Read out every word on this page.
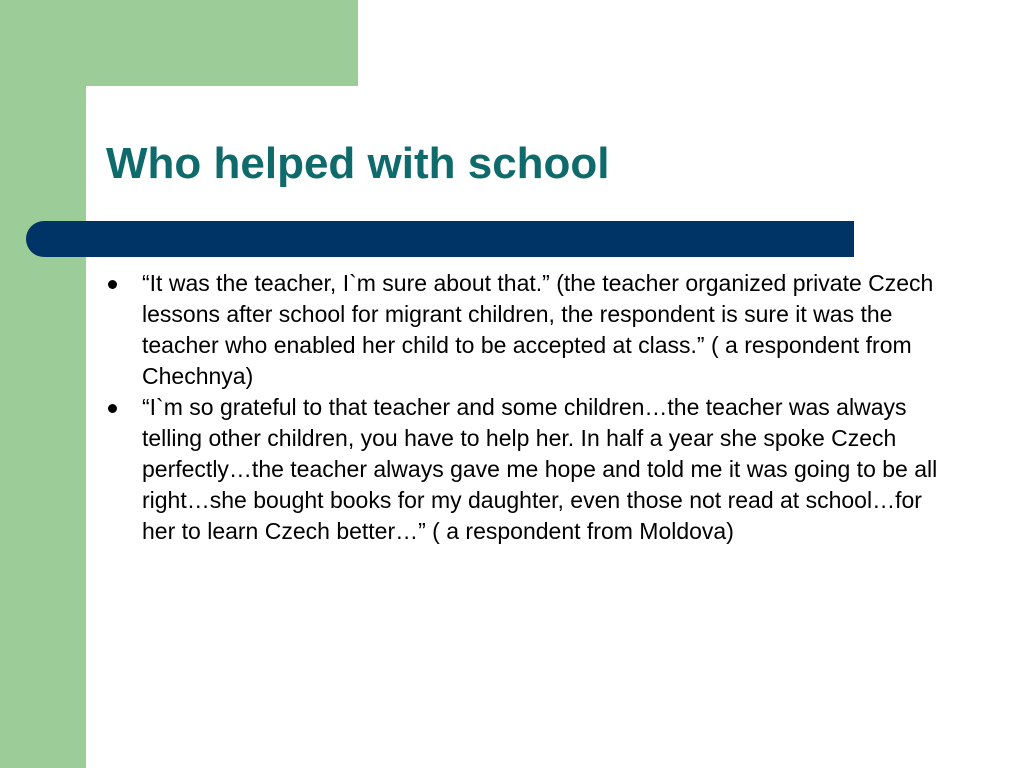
Who helped with school
“It was the teacher, I`m sure about that.” (the teacher organized private Czech lessons after school for migrant children, the respondent is sure it was the teacher who enabled her child to be accepted at class.” ( a respondent from Chechnya)
“I`m so grateful to that teacher and some children…the teacher was always telling other children, you have to help her. In half a year she spoke Czech perfectly…the teacher always gave me hope and told me it was going to be all right…she bought books for my daughter, even those not read at school…for her to learn Czech better…” ( a respondent from Moldova)
